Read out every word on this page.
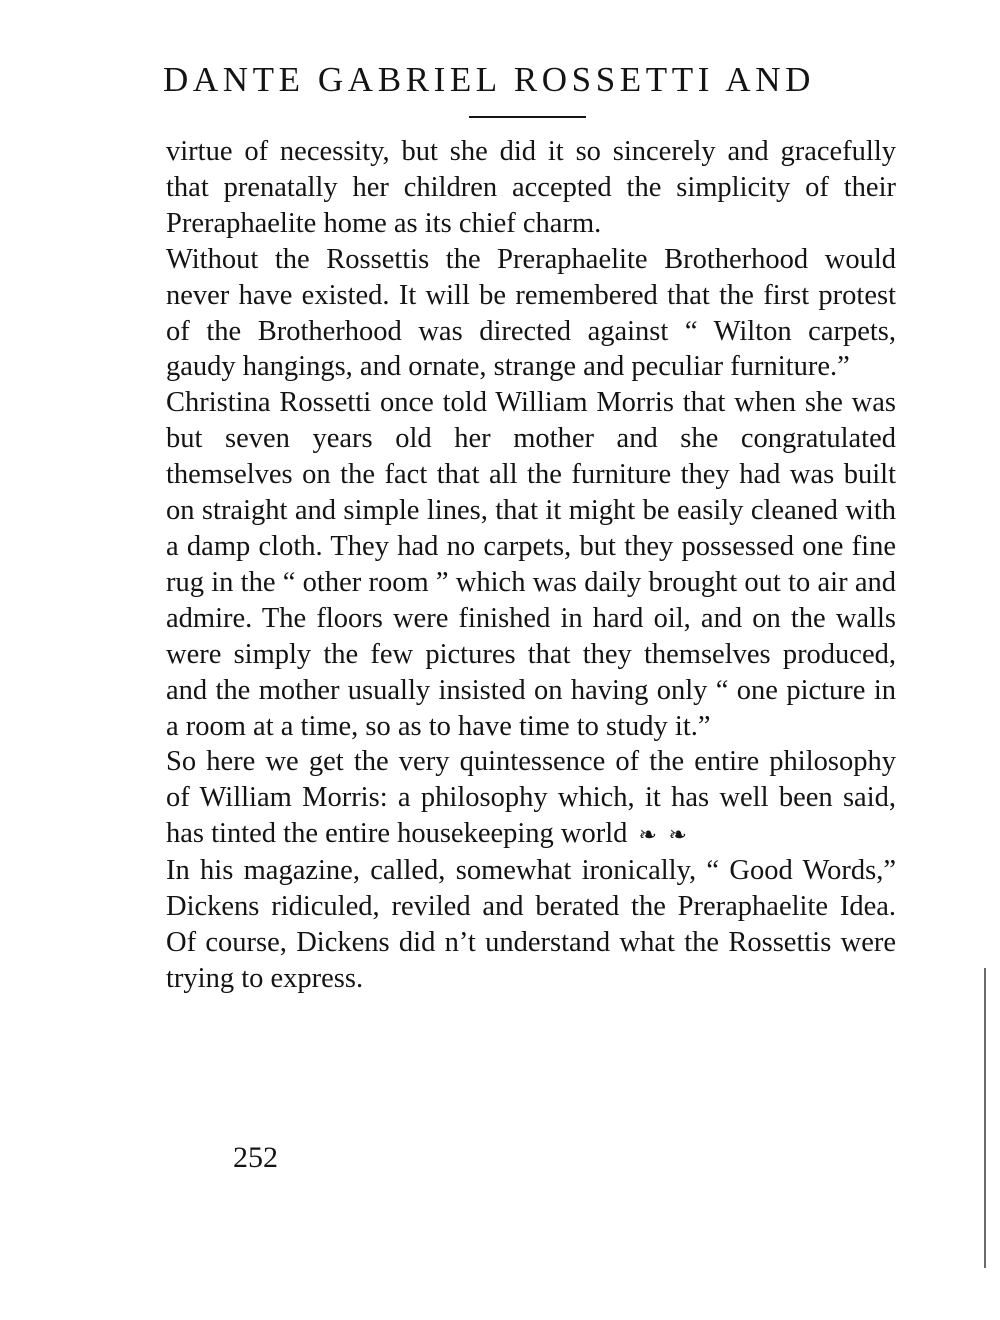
DANTE GABRIEL ROSSETTI AND

virtue of necessity, but she did it so sincerely and gracefully that prenatally her children accepted the simplicity of their Preraphaelite home as its chief charm.

Without the Rossettis the Preraphaelite Brotherhood would never have existed. It will be remembered that the first protest of the Brotherhood was directed against “ Wilton carpets, gaudy hangings, and ornate, strange and peculiar furniture.”

Christina Rossetti once told William Morris that when she was but seven years old her mother and she congratulated themselves on the fact that all the furniture they had was built on straight and simple lines, that it might be easily cleaned with a damp cloth. They had no carpets, but they possessed one fine rug in the “ other room ” which was daily brought out to air and admire. The floors were finished in hard oil, and on the walls were simply the few pictures that they themselves produced, and the mother usually insisted on having only “ one picture in a room at a time, so as to have time to study it.”

So here we get the very quintessence of the entire philosophy of William Morris: a philosophy which, it has well been said, has tinted the entire housekeeping world ❧ ❧

In his magazine, called, somewhat ironically, “ Good Words,” Dickens ridiculed, reviled and berated the Preraphaelite Idea. Of course, Dickens did n’t understand what the Rossettis were trying to express.

252
